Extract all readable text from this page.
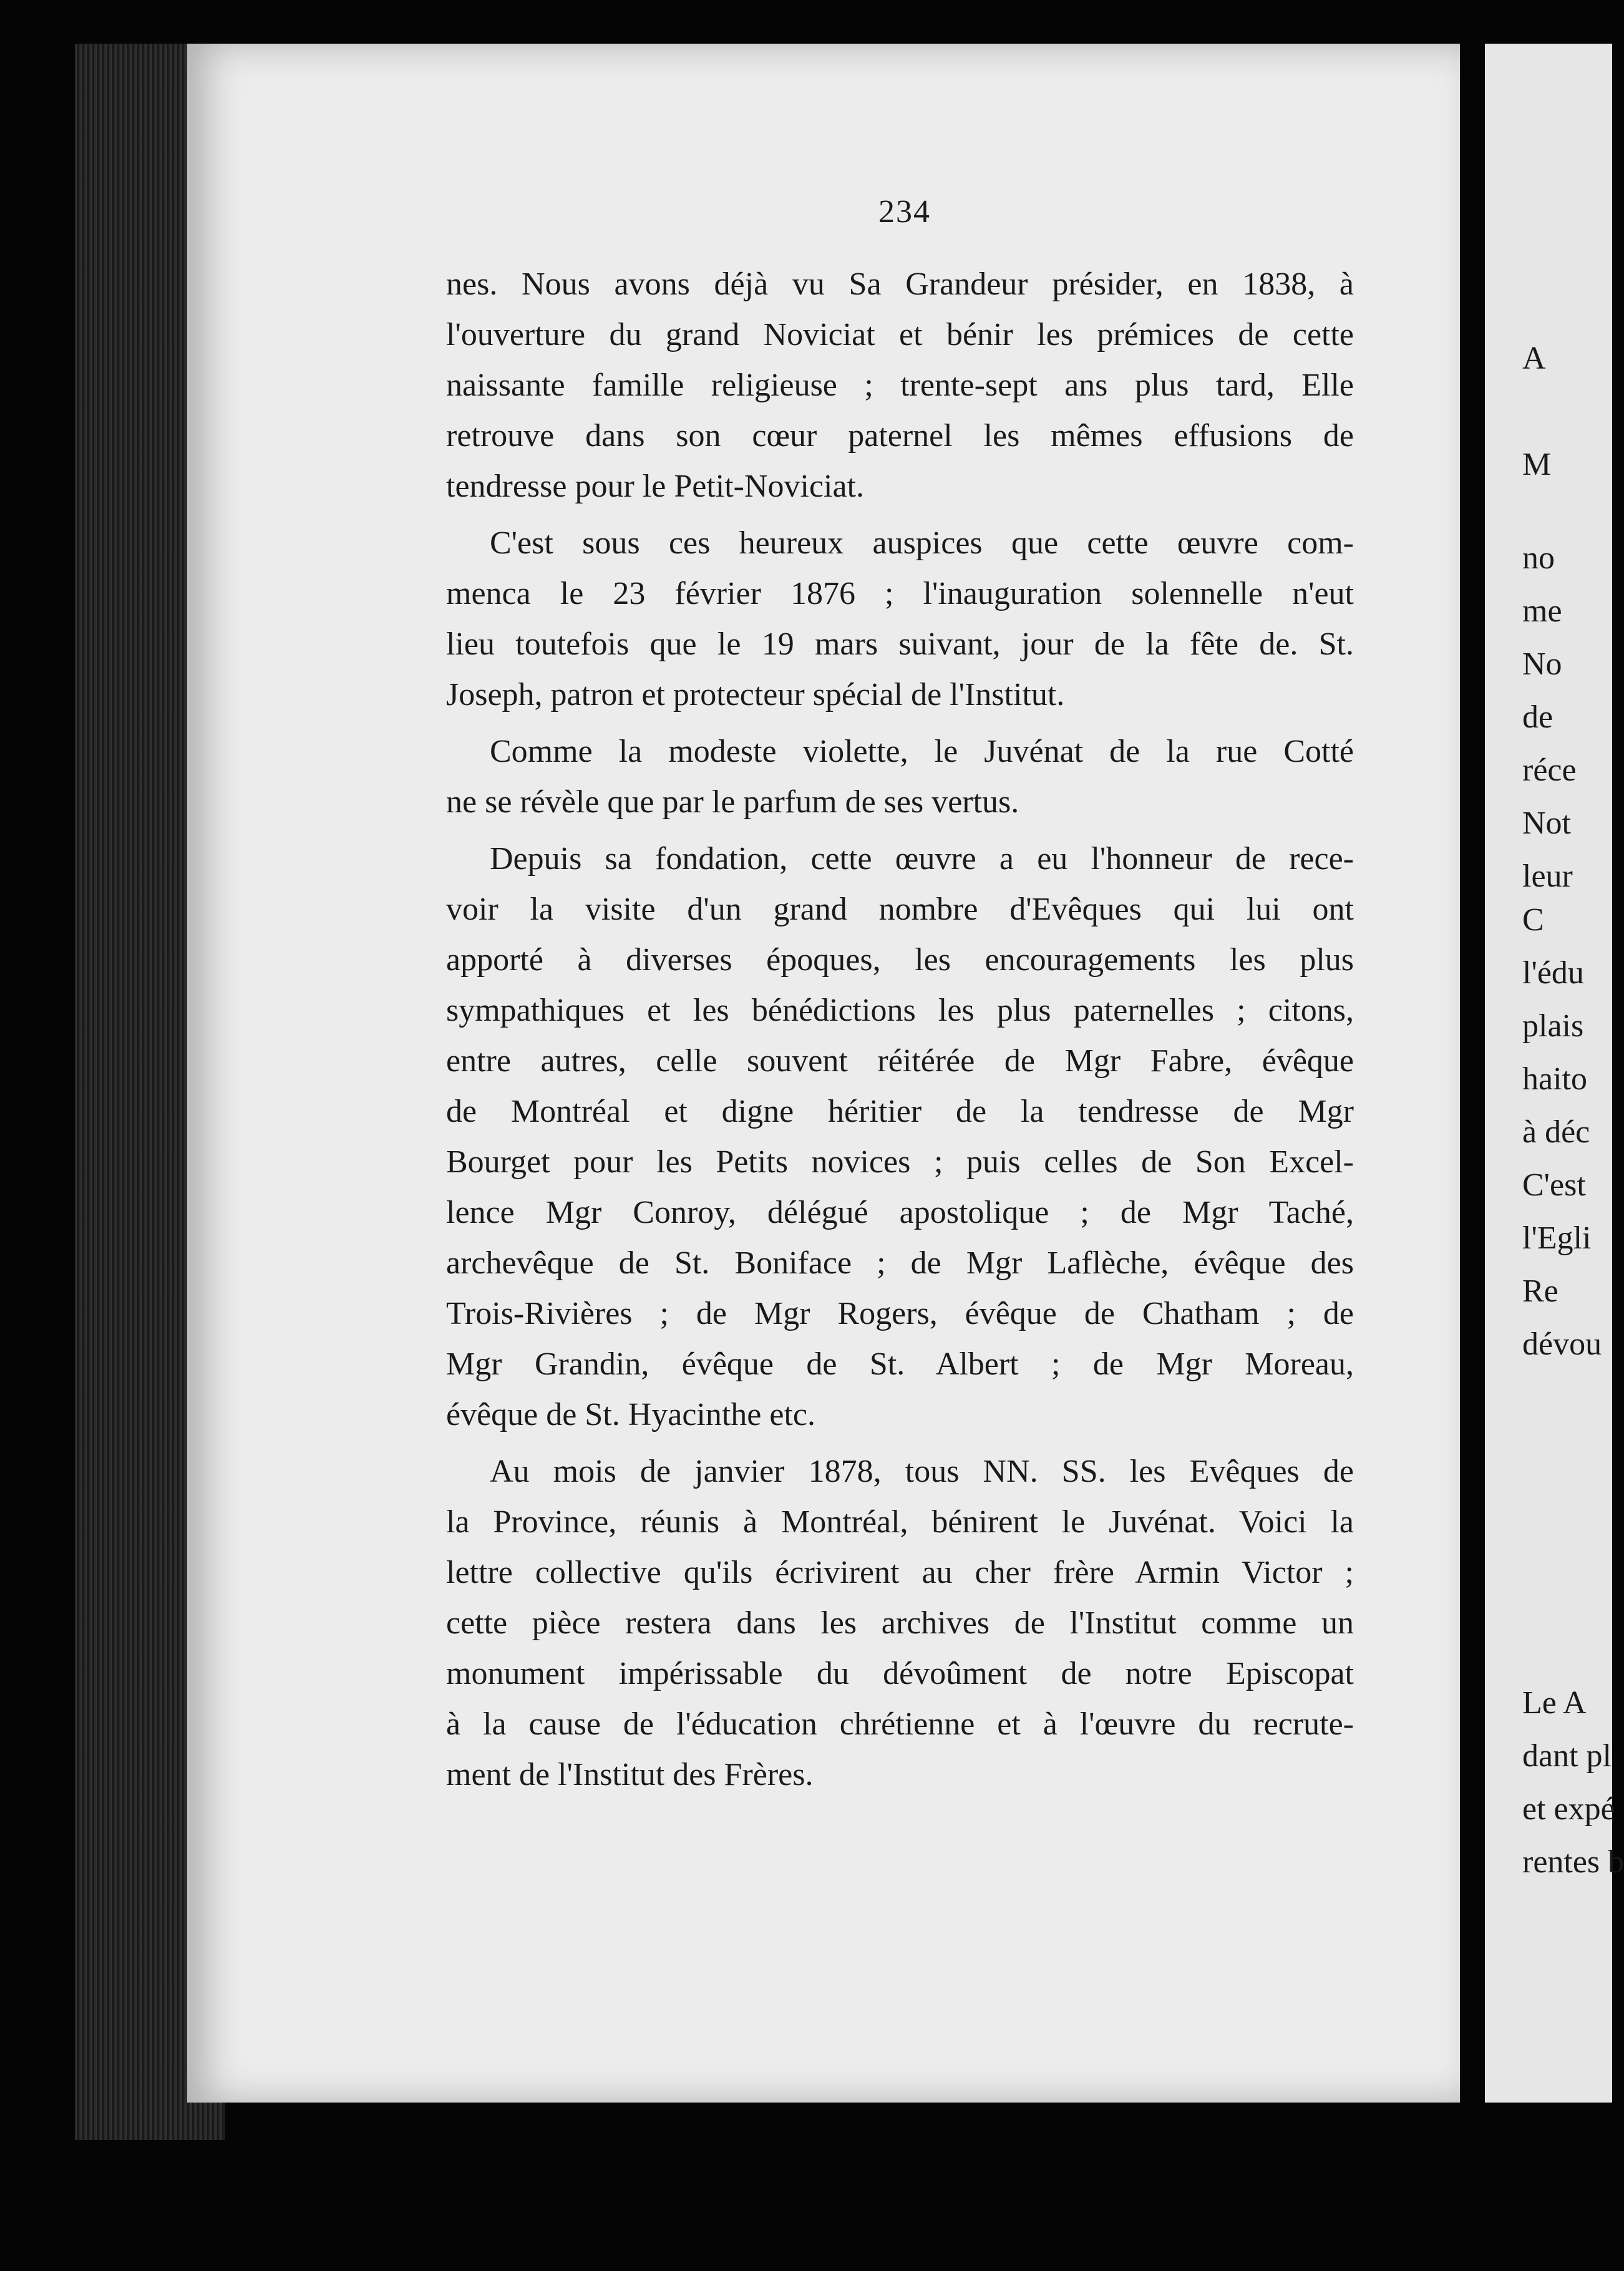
234
nes. Nous avons déjà vu Sa Grandeur présider, en 1838, à
l'ouverture du grand Noviciat et bénir les prémices de cette
naissante famille religieuse ; trente-sept ans plus tard, Elle
retrouve dans son cœur paternel les mêmes effusions de
tendresse pour le Petit-Noviciat.
C'est sous ces heureux auspices que cette œuvre com-
menca le 23 février 1876 ; l'inauguration solennelle n'eut
lieu toutefois que le 19 mars suivant, jour de la fête de. St.
Joseph, patron et protecteur spécial de l'Institut.
Comme la modeste violette, le Juvénat de la rue Cotté
ne se révèle que par le parfum de ses vertus.
Depuis sa fondation, cette œuvre a eu l'honneur de rece-
voir la visite d'un grand nombre d'Evêques qui lui ont
apporté à diverses époques, les encouragements les plus
sympathiques et les bénédictions les plus paternelles ; citons,
entre autres, celle souvent réitérée de Mgr Fabre, évêque
de Montréal et digne héritier de la tendresse de Mgr
Bourget pour les Petits novices ; puis celles de Son Excel-
lence Mgr Conroy, délégué apostolique ; de Mgr Taché,
archevêque de St. Boniface ; de Mgr Laflèche, évêque des
Trois-Rivières ; de Mgr Rogers, évêque de Chatham ; de
Mgr Grandin, évêque de St. Albert ; de Mgr Moreau,
évêque de St. Hyacinthe etc.
Au mois de janvier 1878, tous NN. SS. les Evêques de
la Province, réunis à Montréal, bénirent le Juvénat. Voici la
lettre collective qu'ils écrivirent au cher frère Armin Victor ;
cette pièce restera dans les archives de l'Institut comme un
monument impérissable du dévoûment de notre Episcopat
à la cause de l'éducation chrétienne et à l'œuvre du recrute-
ment de l'Institut des Frères.
A
M
no
me
No
de
réce
Not
leur
C
l'édu
plais
haito
à déc
C'est
l'Egli
Re
dévou
Le A
dant pl
et expé
rentes b
